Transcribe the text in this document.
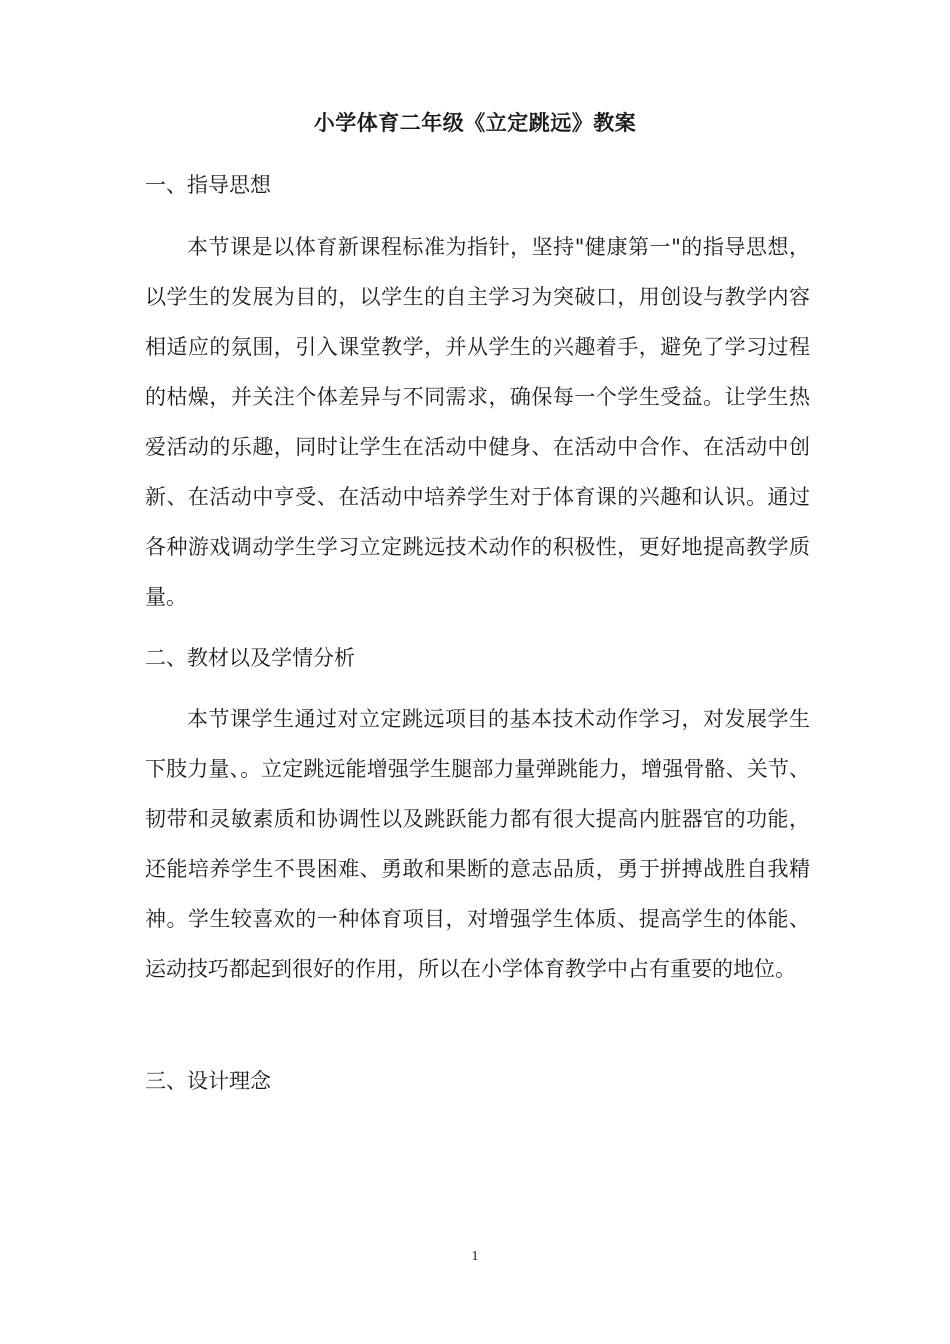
小学体育二年级《立定跳远》教案
一、指导思想

本节课是以体育新课程标准为指针，坚持"健康第一"的指导思想，以学生的发展为目的，以学生的自主学习为突破口，用创设与教学内容相适应的氛围，引入课堂教学，并从学生的兴趣着手，避免了学习过程的枯燥，并关注个体差异与不同需求，确保每一个学生受益。让学生热爱活动的乐趣，同时让学生在活动中健身、在活动中合作、在活动中创新、在活动中亨受、在活动中培养学生对于体育课的兴趣和认识。通过各种游戏调动学生学习立定跳远技术动作的积极性，更好地提高教学质量。

二、教材以及学情分析

本节课学生通过对立定跳远项目的基本技术动作学习，对发展学生下肢力量、。立定跳远能增强学生腿部力量弹跳能力，增强骨骼、关节、韧带和灵敏素质和协调性以及跳跃能力都有很大提高内脏器官的功能，还能培养学生不畏困难、勇敢和果断的意志品质，勇于拼搏战胜自我精神。学生较喜欢的一种体育项目，对增强学生体质、提高学生的体能、运动技巧都起到很好的作用，所以在小学体育教学中占有重要的地位。

三、设计理念
1
